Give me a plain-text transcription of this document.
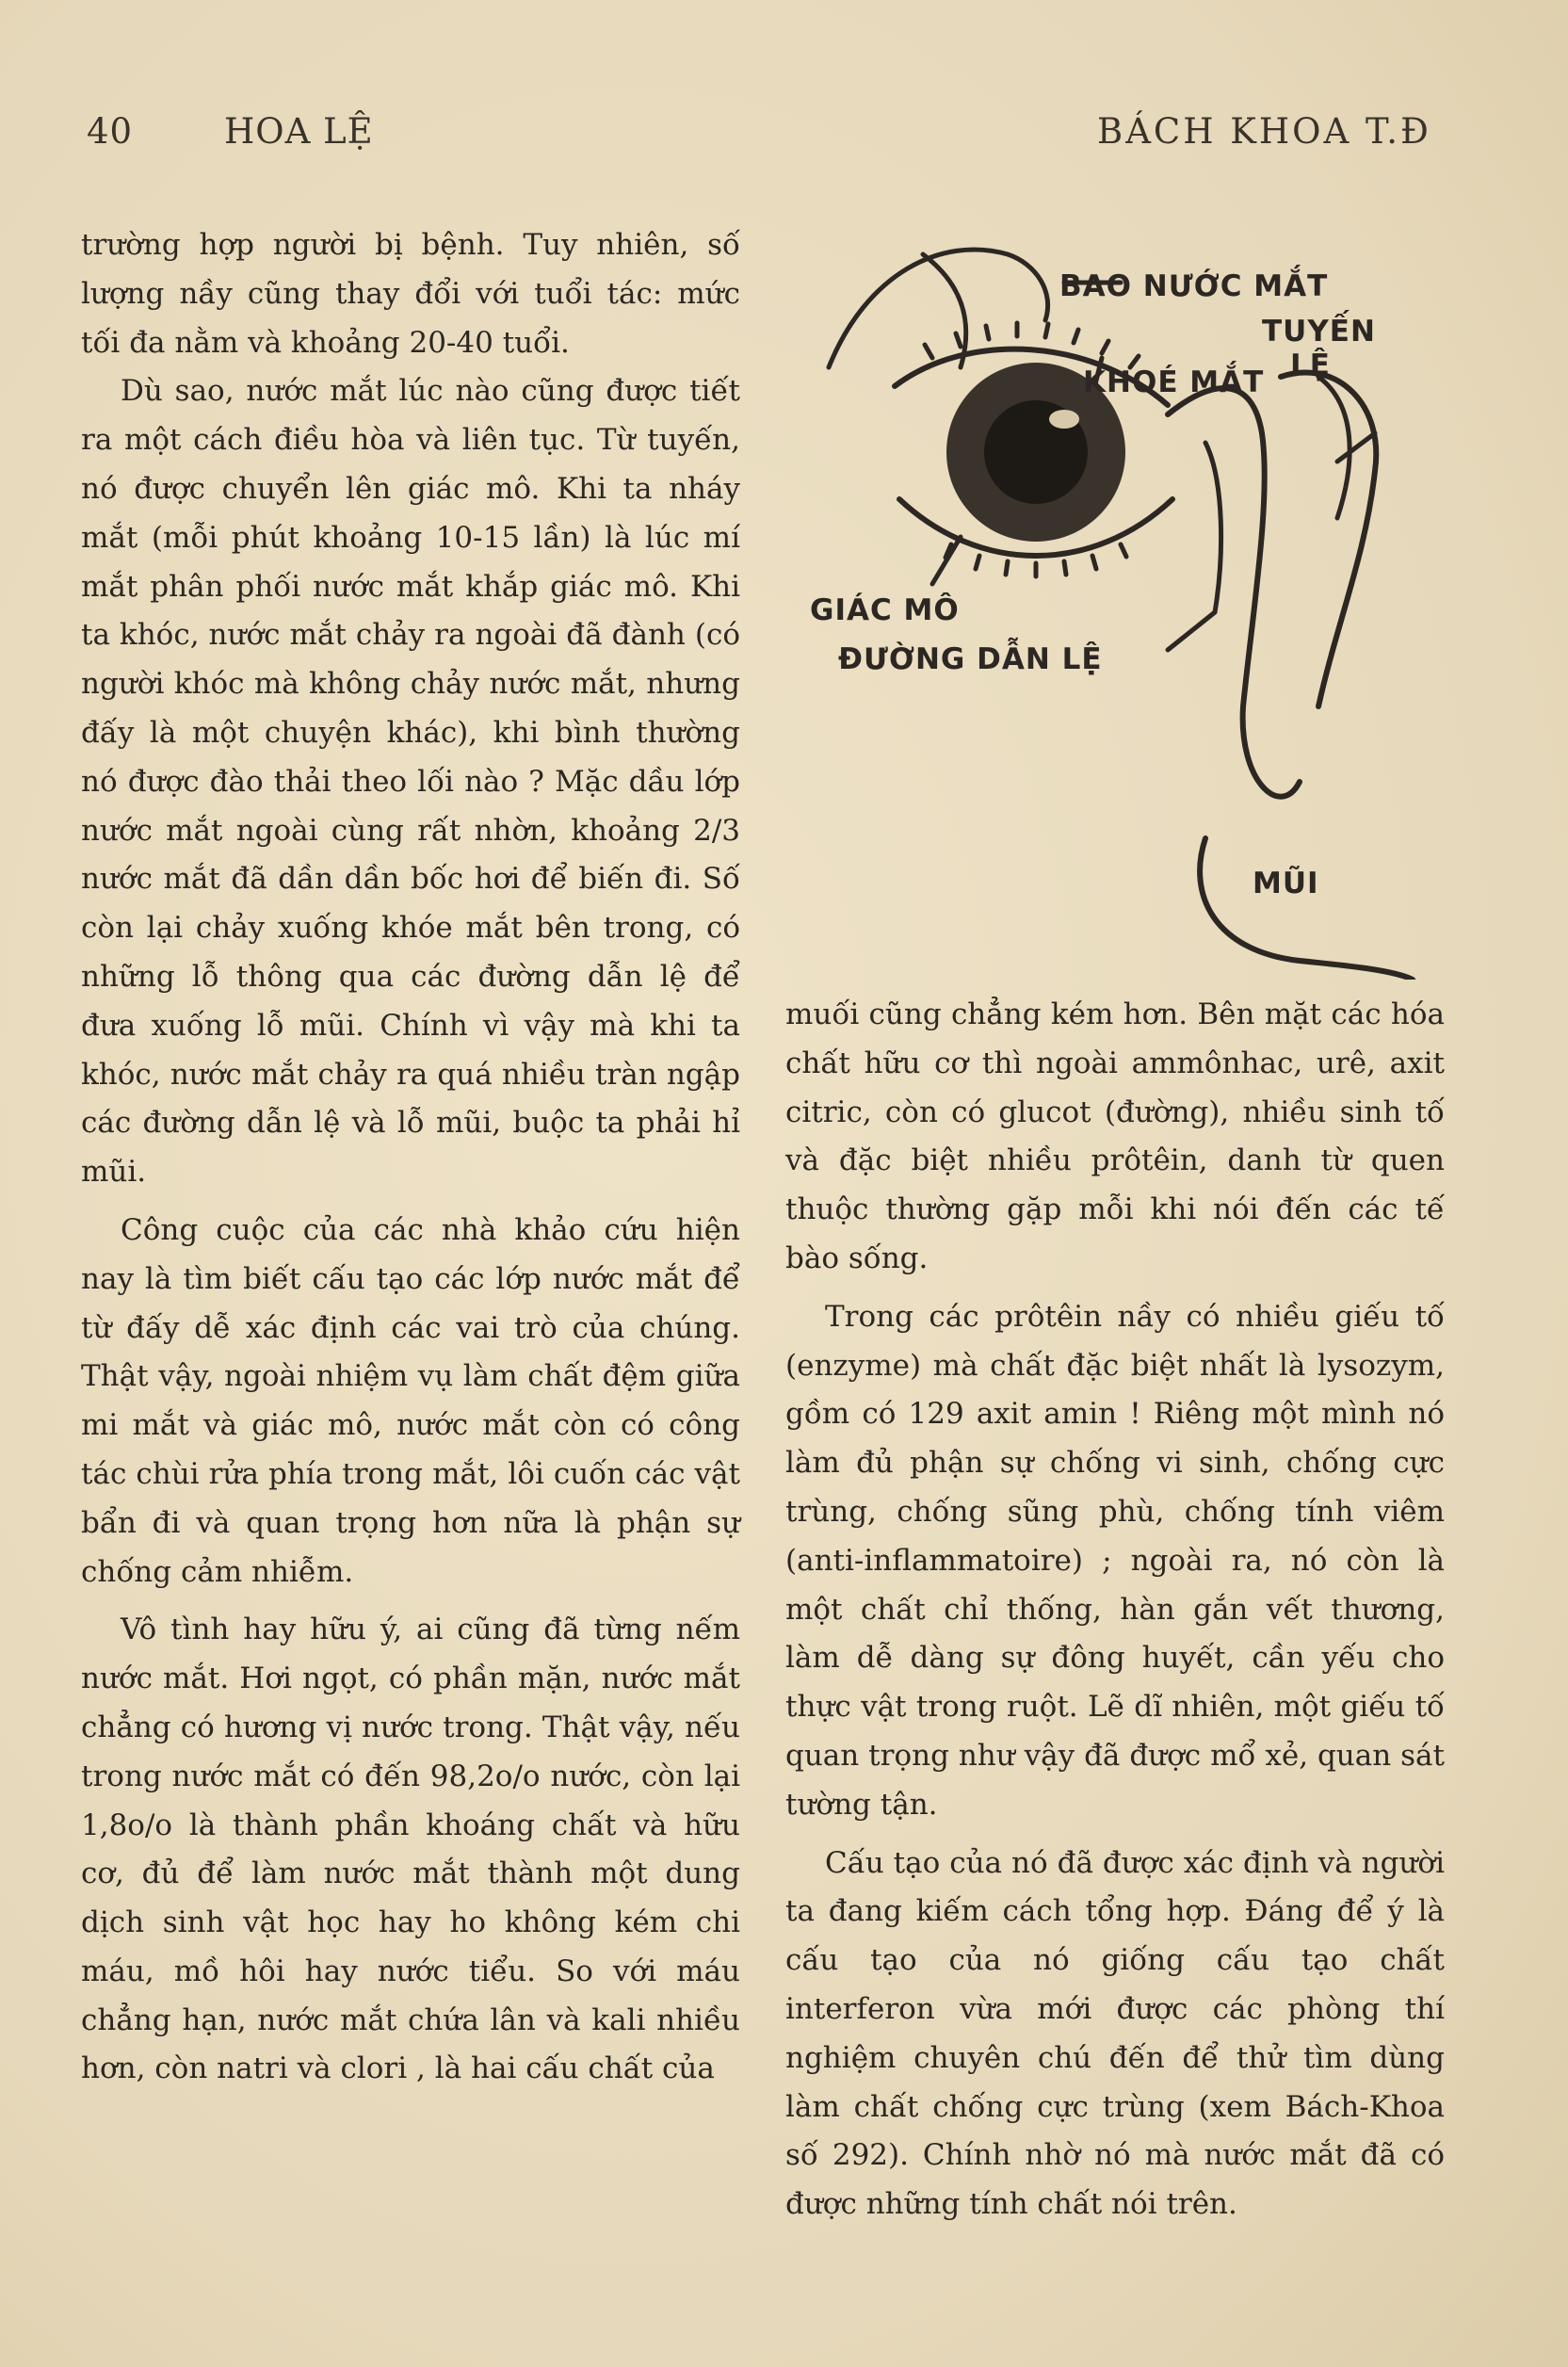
40	HOA LỆ	BÁCH KHOA T.Đ

trường hợp người bị bệnh. Tuy nhiên, số lượng nầy cũng thay đổi với tuổi tác: mức tối đa nằm và khoảng 20-40 tuổi.

Dù sao, nước mắt lúc nào cũng được tiết ra một cách điều hòa và liên tục. Từ tuyến, nó được chuyển lên giác mô. Khi ta nháy mắt (mỗi phút khoảng 10-15 lần) là lúc mí mắt phân phối nước mắt khắp giác mô. Khi ta khóc, nước mắt chảy ra ngoài đã đành (có người khóc mà không chảy nước mắt, nhưng đấy là một chuyện khác), khi bình thường nó được đào thải theo lối nào ? Mặc dầu lớp nước mắt ngoài cùng rất nhờn, khoảng 2/3 nước mắt đã dần dần bốc hơi để biến đi. Số còn lại chảy xuống khóe mắt bên trong, có những lỗ thông qua các đường dẫn lệ để đưa xuống lỗ mũi. Chính vì vậy mà khi ta khóc, nước mắt chảy ra quá nhiều tràn ngập các đường dẫn lệ và lỗ mũi, buộc ta phải hỉ mũi.

Công cuộc của các nhà khảo cứu hiện nay là tìm biết cấu tạo các lớp nước mắt để từ đấy dễ xác định các vai trò của chúng. Thật vậy, ngoài nhiệm vụ làm chất đệm giữa mi mắt và giác mô, nước mắt còn có công tác chùi rửa phía trong mắt, lôi cuốn các vật bẩn đi và quan trọng hơn nữa là phận sự chống cảm nhiễm.

Vô tình hay hữu ý, ai cũng đã từng nếm nước mắt. Hơi ngọt, có phần mặn, nước mắt chẳng có hương vị nước trong. Thật vậy, nếu trong nước mắt có đến 98,2o/o nước, còn lại 1,8o/o là thành phần khoáng chất và hữu cơ, đủ để làm nước mắt thành một dung dịch sinh vật học hay ho không kém chi máu, mồ hôi hay nước tiểu. So với máu chẳng hạn, nước mắt chứa lân và kali nhiều hơn, còn natri và clori , là hai cấu chất của

BAO NƯỚC MẮT
TUYẾN
LỆ
KHOÉ MẮT
GIÁC MÔ
ĐƯỜNG DẪN LỆ
MŨI

muối cũng chẳng kém hơn. Bên mặt các hóa chất hữu cơ thì ngoài ammônhac, urê, axit citric, còn có glucot (đường), nhiều sinh tố và đặc biệt nhiều prôtêin, danh từ quen thuộc thường gặp mỗi khi nói đến các tế bào sống.

Trong các prôtêin nầy có nhiều giếu tố (enzyme) mà chất đặc biệt nhất là lysozym, gồm có 129 axit amin ! Riêng một mình nó làm đủ phận sự chống vi sinh, chống cực trùng, chống sũng phù, chống tính viêm (anti-inflammatoire) ; ngoài ra, nó còn là một chất chỉ thống, hàn gắn vết thương, làm dễ dàng sự đông huyết, cần yếu cho thực vật trong ruột. Lẽ dĩ nhiên, một giếu tố quan trọng như vậy đã được mổ xẻ, quan sát tường tận.

Cấu tạo của nó đã được xác định và người ta đang kiếm cách tổng hợp. Đáng để ý là cấu tạo của nó giống cấu tạo chất interferon vừa mới được các phòng thí nghiệm chuyên chú đến để thử tìm dùng làm chất chống cực trùng (xem Bách-Khoa số 292). Chính nhờ nó mà nước mắt đã có được những tính chất nói trên.
